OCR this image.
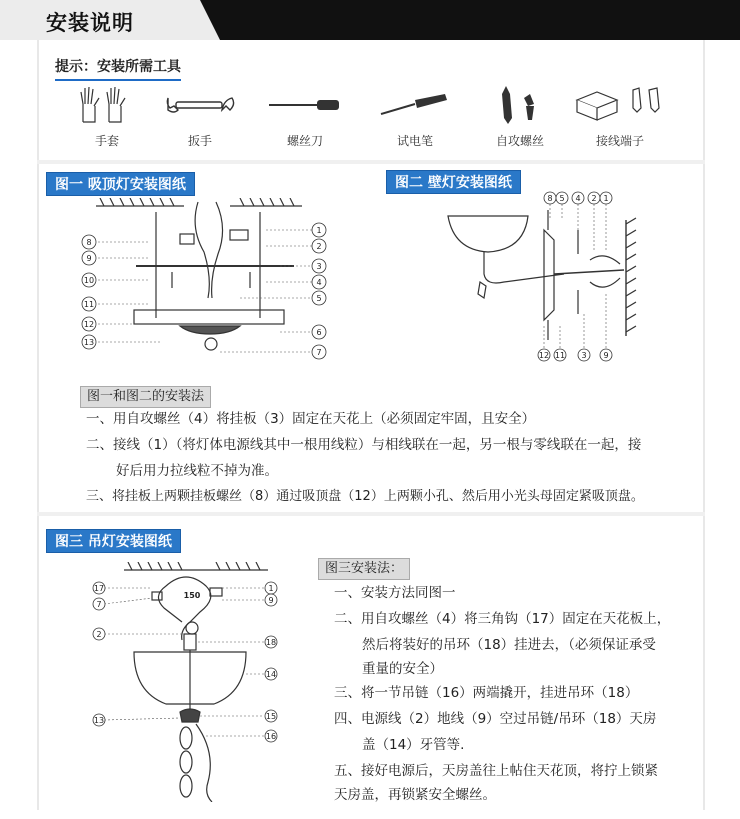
安装说明
提示：安装所需工具
手套	扳手	螺丝刀	试电笔	自攻螺丝	接线端子
图一 吸顶灯安装图纸
8
9
10
11
12
13
1
2
3
4
5
6
7
图二 壁灯安装图纸
8 5 4 2 1
12 11 3 9
图一和图二的安装法
一、用自攻螺丝（4）将挂板（3）固定在天花上（必须固定牢固，且安全）
二、接线（1）（将灯体电源线其中一根用线粒）与相线联在一起，另一根与零线联在一起，接
好后用力拉线粒不掉为准。
三、将挂板上两颗挂板螺丝（8）通过吸顶盘（12）上两颗小孔、然后用小光头母固定紧吸顶盘。
图三 吊灯安装图纸
150
17
7
2
13
1
9
18
14
15
16
图三安装法：
一、安装方法同图一
二、用自攻螺丝（4）将三角钩（17）固定在天花板上，
然后将装好的吊环（18）挂进去，（必须保证承受
重量的安全）
三、将一节吊链（16）两端撬开，挂进吊环（18）
四、电源线（2）地线（9）空过吊链/吊环（18）天房
盖（14）牙管等.
五、接好电源后，天房盖往上帖住天花顶，将拧上锁紧
天房盖，再锁紧安全螺丝。
